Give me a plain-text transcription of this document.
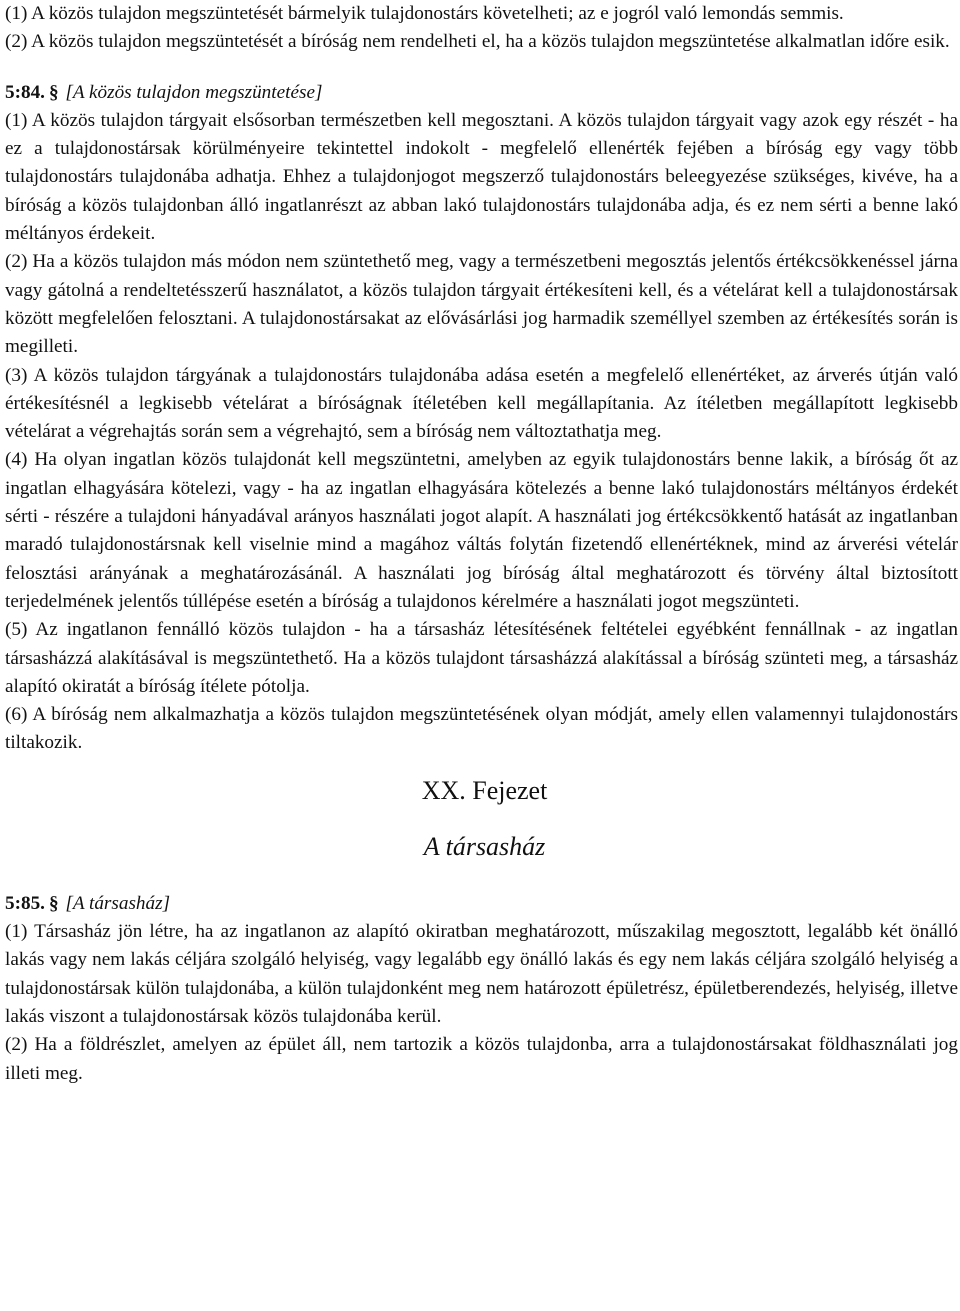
(1) A közös tulajdon megszüntetését bármelyik tulajdonostárs követelheti; az e jogról való lemondás semmis.

(2) A közös tulajdon megszüntetését a bíróság nem rendelheti el, ha a közös tulajdon megszüntetése alkalmatlan időre esik.

5:84. § [A közös tulajdon megszüntetése]

(1) A közös tulajdon tárgyait elsősorban természetben kell megosztani. A közös tulajdon tárgyait vagy azok egy részét - ha ez a tulajdonostársak körülményeire tekintettel indokolt - megfelelő ellenérték fejében a bíróság egy vagy több tulajdonostárs tulajdonába adhatja. Ehhez a tulajdonjogot megszerző tulajdonostárs beleegyezése szükséges, kivéve, ha a bíróság a közös tulajdonban álló ingatlanrészt az abban lakó tulajdonostárs tulajdonába adja, és ez nem sérti a benne lakó méltányos érdekeit.

(2) Ha a közös tulajdon más módon nem szüntethető meg, vagy a természetbeni megosztás jelentős értékcsökkenéssel járna vagy gátolná a rendeltetésszerű használatot, a közös tulajdon tárgyait értékesíteni kell, és a vételárat kell a tulajdonostársak között megfelelően felosztani. A tulajdonostársakat az elővásárlási jog harmadik személlyel szemben az értékesítés során is megilleti.

(3) A közös tulajdon tárgyának a tulajdonostárs tulajdonába adása esetén a megfelelő ellenértéket, az árverés útján való értékesítésnél a legkisebb vételárat a bíróságnak ítéletében kell megállapítania. Az ítéletben megállapított legkisebb vételárat a végrehajtás során sem a végrehajtó, sem a bíróság nem változtathatja meg.

(4) Ha olyan ingatlan közös tulajdonát kell megszüntetni, amelyben az egyik tulajdonostárs benne lakik, a bíróság őt az ingatlan elhagyására kötelezi, vagy - ha az ingatlan elhagyására kötelezés a benne lakó tulajdonostárs méltányos érdekét sérti - részére a tulajdoni hányadával arányos használati jogot alapít. A használati jog értékcsökkentő hatását az ingatlanban maradó tulajdonostársnak kell viselnie mind a magához váltás folytán fizetendő ellenértéknek, mind az árverési vételár felosztási arányának a meghatározásánál. A használati jog bíróság által meghatározott és törvény által biztosított terjedelmének jelentős túllépése esetén a bíróság a tulajdonos kérelmére a használati jogot megszünteti.

(5) Az ingatlanon fennálló közös tulajdon - ha a társasház létesítésének feltételei egyébként fennállnak - az ingatlan társasházzá alakításával is megszüntethető. Ha a közös tulajdont társasházzá alakítással a bíróság szünteti meg, a társasház alapító okiratát a bíróság ítélete pótolja.

(6) A bíróság nem alkalmazhatja a közös tulajdon megszüntetésének olyan módját, amely ellen valamennyi tulajdonostárs tiltakozik.

XX. Fejezet
A társasház
5:85. § [A társasház]

(1) Társasház jön létre, ha az ingatlanon az alapító okiratban meghatározott, műszakilag megosztott, legalább két önálló lakás vagy nem lakás céljára szolgáló helyiség, vagy legalább egy önálló lakás és egy nem lakás céljára szolgáló helyiség a tulajdonostársak külön tulajdonába, a külön tulajdonként meg nem határozott épületrész, épületberendezés, helyiség, illetve lakás viszont a tulajdonostársak közös tulajdonába kerül.

(2) Ha a földrészlet, amelyen az épület áll, nem tartozik a közös tulajdonba, arra a tulajdonostársakat földhasználati jog illeti meg.
